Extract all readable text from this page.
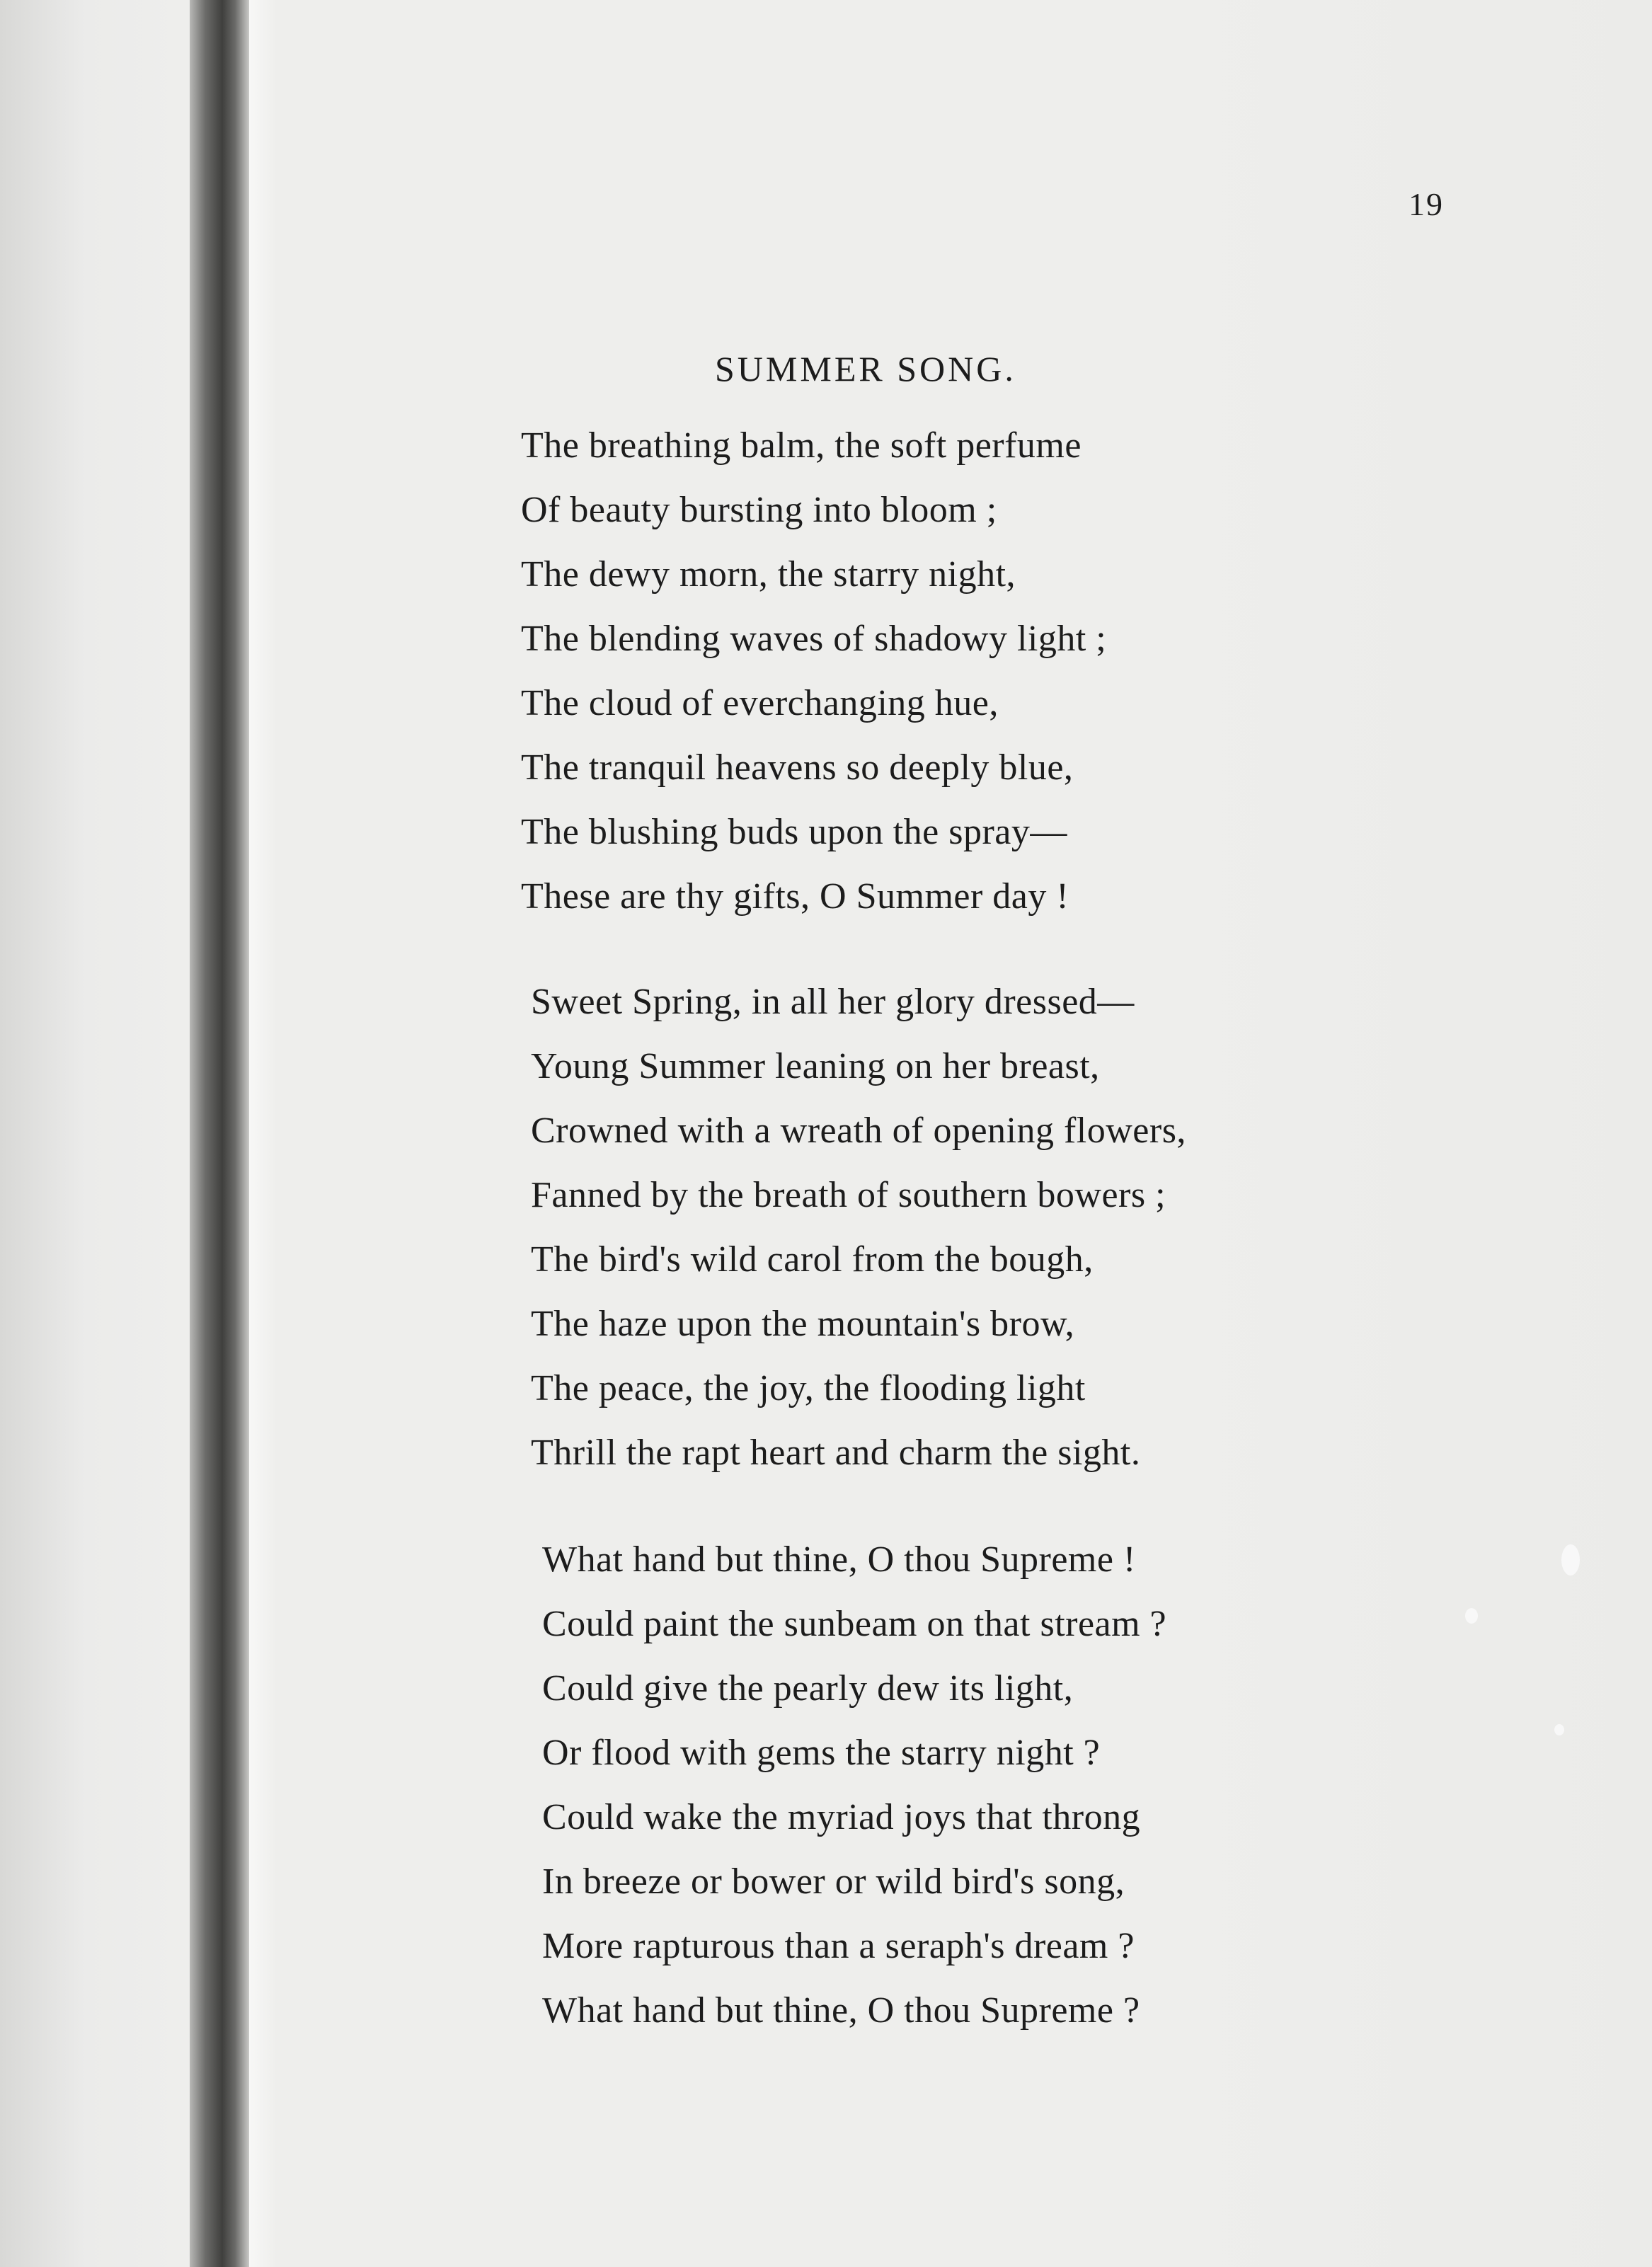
19
SUMMER SONG.
The breathing balm, the soft perfume
Of beauty bursting into bloom ;
The dewy morn, the starry night,
The blending waves of shadowy light ;
The cloud of everchanging hue,
The tranquil heavens so deeply blue,
The blushing buds upon the spray—
These are thy gifts, O Summer day !
Sweet Spring, in all her glory dressed—
Young Summer leaning on her breast,
Crowned with a wreath of opening flowers,
Fanned by the breath of southern bowers ;
The bird's wild carol from the bough,
The haze upon the mountain's brow,
The peace, the joy, the flooding light
Thrill the rapt heart and charm the sight.
What hand but thine, O thou Supreme !
Could paint the sunbeam on that stream ?
Could give the pearly dew its light,
Or flood with gems the starry night ?
Could wake the myriad joys that throng
In breeze or bower or wild bird's song,
More rapturous than a seraph's dream ?
What hand but thine, O thou Supreme ?
